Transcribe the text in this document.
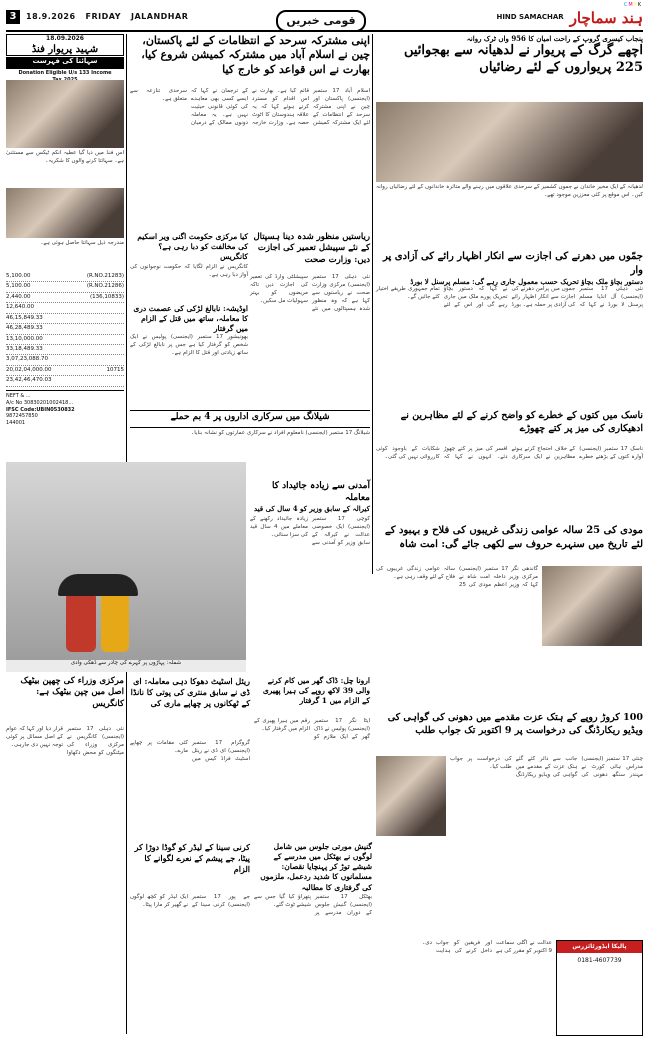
3	18.9.2026 FRIDAY JALANDHAR	قومی خبریں	HIND SAMACHAR ہند سماچار
C M Y K
18.09.2026
شہید پریوار فنڈ
سہائتا کی فہرست
Donation Eligible U/s 133 Income
اس فنڈ میں دیا گیا عطیہ انکم ٹیکس سے مستثنیٰ ہے۔ سہائتا کرنے والوں کا شکریہ۔
مندرجہ ذیل سہائتا حاصل ہوئی ہے۔
5,100.00	(R.NO.21283)
5,100.00	(R.NO.21286)
2,440.00	(136,10833)
12,640.00
46,15,849.33
46,28,489.33
13,10,000.00
33,18,489.33
3,07,23,088.70
20,02,04,000.00	10715
23,42,46,470.03
NEFT & ...
A/c No 30830201002418...
IFSC Code:UBIN0530832
9872457850
144001
پنجاب کیسری گروپ کے راحت امیان کا 956 واں ٹرک روانہ
اچھے گرگ کے پریوار نے لدھیانہ سے بھجوائیں 225 پریواروں کے لئے رضائیاں
لدھیانہ کے ایک مخیر خاندان نے جموں کشمیر کے سرحدی علاقوں میں رہنے والے متاثرہ خاندانوں کے لئے رضائیاں روانہ کیں۔ اس موقع پر کئی معززین موجود تھے۔
اپنی مشترکہ سرحد کے انتظامات کے لئے پاکستان، چین نے اسلام آباد میں مشترکہ کمیشن شروع کیا، بھارت نے اس قواعد کو خارج کیا
اسلام آباد 17 ستمبر (ایجنسی) پاکستان اور چین نے اپنی مشترکہ سرحد کے انتظامات کے لئے ایک مشترکہ کمیشن قائم کیا ہے۔ بھارت نے اس اقدام کو مسترد کرتے ہوئے کہا کہ یہ علاقہ ہندوستان کا اٹوٹ حصہ ہے۔ وزارت خارجہ کے ترجمان نے کہا کہ ایسے کسی بھی معاہدے کی کوئی قانونی حیثیت نہیں ہے۔ یہ معاملہ دونوں ممالک کے درمیان سرحدی تنازعہ سے متعلق ہے۔
جمّوں میں دھرنے کی اجازت سے انکار اظہار رائے کی آزادی پر وار
دستور بچاؤ ملک بچاؤ تحریک حسب معمول جاری رہے گی: مسلم پرسنل لا بورڈ
نئی دہلی 17 ستمبر (ایجنسی) آل انڈیا مسلم پرسنل لا بورڈ نے کہا کہ جموں میں پرامن دھرنے کی اجازت سے انکار اظہار رائے کی آزادی پر حملہ ہے۔ بورڈ نے کہا کہ دستور بچاؤ تحریک پورے ملک میں جاری رہے گی اور اس کے لئے تمام جمہوری طریقے اختیار کئے جائیں گے۔
ریاستیں منظور شدہ دینا ہسپتال کے نئے سپیشل تعمیر کی اجازت دیں: وزارت صحت
نئی دہلی 17 ستمبر (ایجنسی) مرکزی وزارت صحت نے ریاستوں سے کہا ہے کہ وہ منظور شدہ ہسپتالوں میں نئے سپیشلٹی وارڈ کی تعمیر کی اجازت دیں تاکہ مریضوں کو بہتر سہولیات مل سکیں۔
کیا مرکزی حکومت اگنی ویر اسکیم کی مخالفت کو دبا رہی ہے؟ کانگریس
کانگریس نے الزام لگایا کہ حکومت نوجوانوں کی آواز دبا رہی ہے۔
اوڈیشہ: نابالغ لڑکی کی عصمت دری کا معاملہ، ساتھ میں قتل کے الزام میں گرفتار
بھونیشور 17 ستمبر (ایجنسی) پولیس نے ایک شخص کو گرفتار کیا ہے جس پر نابالغ لڑکی کے ساتھ زیادتی اور قتل کا الزام ہے۔
ناسک میں کتوں کے خطرے کو واضح کرنے کے لئے مظاہرین نے ادھیکاری کی میز پر کتے چھوڑے
ناسک 17 ستمبر (ایجنسی) آوارہ کتوں کے بڑھتے خطرے کے خلاف احتجاج کرتے ہوئے مظاہرین نے ایک سرکاری افسر کی میز پر کتے چھوڑ دئے۔ انہوں نے کہا کہ شکایات کے باوجود کوئی کارروائی نہیں کی گئی۔
شیلانگ میں سرکاری اداروں پر 4 بم حملے
شیلانگ 17 ستمبر (ایجنسی) نامعلوم افراد نے سرکاری عمارتوں کو نشانہ بنایا۔
شملہ: پہاڑوں پر کہرے کی چادر سے ڈھکی وادی
آمدنی سے زیادہ جائیداد کا معاملہ
کیرالہ کے سابق وزیر کو 4 سال کی قید
کوچی 17 ستمبر (ایجنسی) ایک خصوصی عدالت نے کیرالہ کے سابق وزیر کو آمدنی سے زیادہ جائیداد رکھنے کے معاملے میں 4 سال قید کی سزا سنائی۔	مودی کی 25 سالہ عوامی زندگی غریبوں کی فلاح و بہبود کے لئے تاریخ میں سنہرے حروف سے لکھی جائے گی: امت شاہ
گاندھی نگر 17 ستمبر (ایجنسی) مرکزی وزیر داخلہ امت شاہ نے کہا کہ وزیر اعظم مودی کی 25 سالہ عوامی زندگی غریبوں کی فلاح کے لئے وقف رہی ہے۔
مرکزی وزراء کی چھپن بیٹھک اصل میں چپن بیٹھک ہے: کانگریس
نئی دہلی 17 ستمبر (ایجنسی) کانگریس نے مرکزی وزراء کی میٹنگوں کو محض دکھاوا قرار دیا اور کہا کہ عوام کے اصل مسائل پر کوئی توجہ نہیں دی جارہی۔
ریئل اسٹیٹ دھوکا دہی معاملہ: ای ڈی نے سابق منتری کی پوتی کا نانڈا کے ٹھکانوں پر چھاپے ماری کی
گروگرام 17 ستمبر (ایجنسی) ای ڈی نے ریئل اسٹیٹ فراڈ کیس میں کئی مقامات پر چھاپے مارے۔
ارونا چل: ڈاک گھر میں کام کرنے والی 39 لاکھ روپے کی ہیرا پھیری کے الزام میں 1 گرفتار
ایٹا نگر 17 ستمبر (ایجنسی) پولیس نے ڈاک گھر کے ایک ملازم کو رقم میں ہیرا پھیری کے الزام میں گرفتار کیا۔
100 کروڑ روپے کے ہتک عزت مقدمے میں دھونی کی گواہی کی ویڈیو ریکارڈنگ کی درخواست پر 9 اکتوبر تک جواب طلب
چنئی 17 ستمبر (ایجنسی) مدراس ہائی کورٹ نے مہندر سنگھ دھونی کی جانب سے دائر کئے گئے ہتک عزت کے مقدمے میں گواہی کی ویڈیو ریکارڈنگ کی درخواست پر جواب طلب کیا۔
گنیش مورتی جلوس میں شامل لوگوں نے بھٹکل میں مدرسے کے شیشے توڑ کر پہنچایا نقصان: مسلمانوں کا شدید ردعمل، ملزموں کی گرفتاری کا مطالبہ
بھٹکل 17 ستمبر (ایجنسی) گنیش جلوس کے دوران مدرسے پر پتھراؤ کیا گیا جس سے شیشے ٹوٹ گئے۔
کرنی سینا کے لیڈر کو گوڈا دوڑا کر پیٹا، جے پیشم کے نعرے لگوانے کا الزام
جے پور 17 ستمبر (ایجنسی) کرنی سینا کے ایک لیڈر کو کچھ لوگوں نے گھیر کر مارا پیٹا۔
پالیکا ایڈورٹائزرس
0181-4607739
عدالت نے اگلی سماعت 9 اکتوبر کو مقرر کی ہے اور فریقین کو جواب داخل کرنے کی ہدایت دی۔
